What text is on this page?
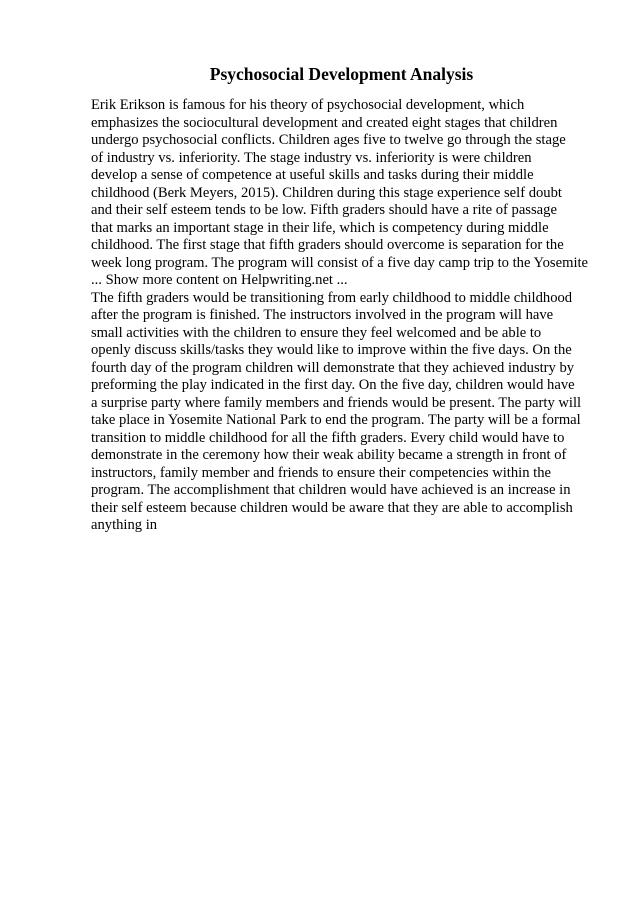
Psychosocial Development Analysis
Erik Erikson is famous for his theory of psychosocial development, which
emphasizes the sociocultural development and created eight stages that children
undergo psychosocial conflicts. Children ages five to twelve go through the stage
of industry vs. inferiority. The stage industry vs. inferiority is were children
develop a sense of competence at useful skills and tasks during their middle
childhood (Berk Meyers, 2015). Children during this stage experience self doubt
and their self esteem tends to be low. Fifth graders should have a rite of passage
that marks an important stage in their life, which is competency during middle
childhood. The first stage that fifth graders should overcome is separation for the
week long program. The program will consist of a five day camp trip to the Yosemite
... Show more content on Helpwriting.net ...
The fifth graders would be transitioning from early childhood to middle childhood
after the program is finished. The instructors involved in the program will have
small activities with the children to ensure they feel welcomed and be able to
openly discuss skills/tasks they would like to improve within the five days. On the
fourth day of the program children will demonstrate that they achieved industry by
preforming the play indicated in the first day. On the five day, children would have
a surprise party where family members and friends would be present. The party will
take place in Yosemite National Park to end the program. The party will be a formal
transition to middle childhood for all the fifth graders. Every child would have to
demonstrate in the ceremony how their weak ability became a strength in front of
instructors, family member and friends to ensure their competencies within the
program. The accomplishment that children would have achieved is an increase in
their self esteem because children would be aware that they are able to accomplish
anything in
